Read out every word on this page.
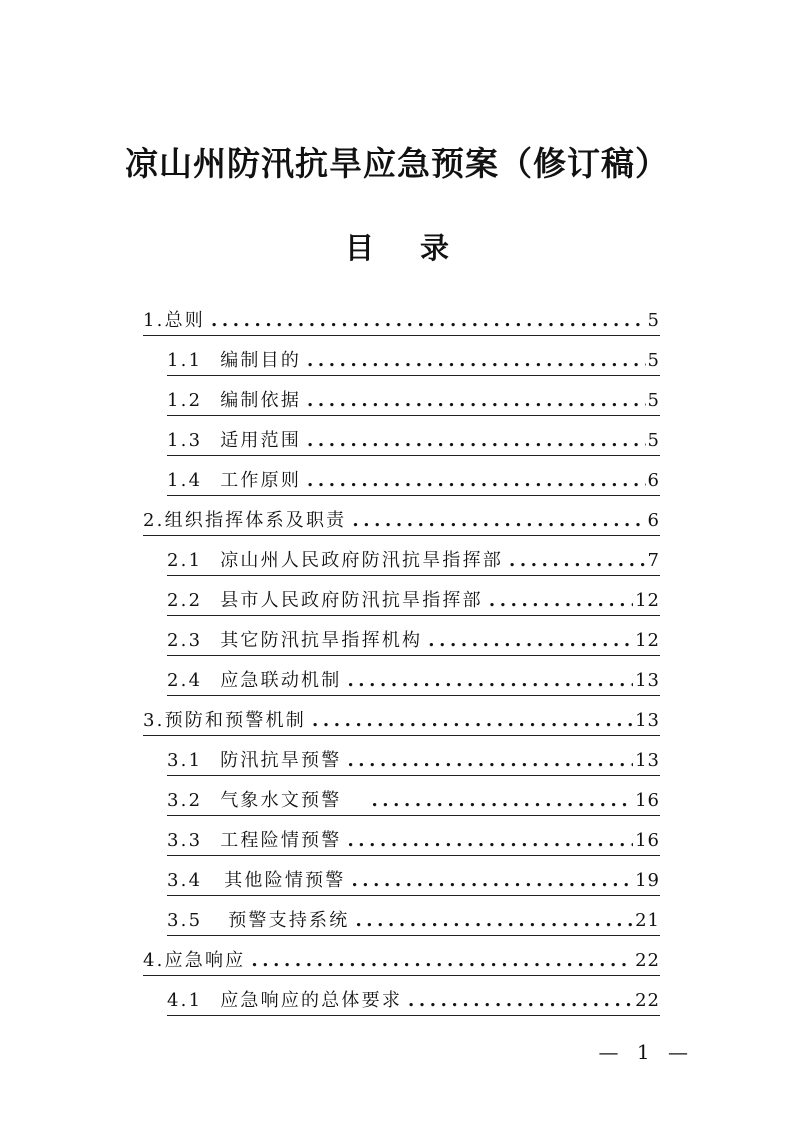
凉山州防汛抗旱应急预案（修订稿）
目 录
1. 总则 .....	5
1.1 编制目的 .....	5
1.2 编制依据 .....	5
1.3 适用范围 .....	5
1.4 工作原则 .....	6
2. 组织指挥体系及职责 .....	6
2.1 凉山州人民政府防汛抗旱指挥部 .....	7
2.2 县市人民政府防汛抗旱指挥部 .....	12
2.3 其它防汛抗旱指挥机构 .....	12
2.4 应急联动机制 .....	13
3. 预防和预警机制 .....	13
3.1 防汛抗旱预警 .....	13
3.2 气象水文预警 .....	16
3.3 工程险情预警 .....	16
3.4 其他险情预警 .....	19
3.5 预警支持系统 .....	21
4. 应急响应 .....	22
4.1 应急响应的总体要求 .....	22

— 1 —
